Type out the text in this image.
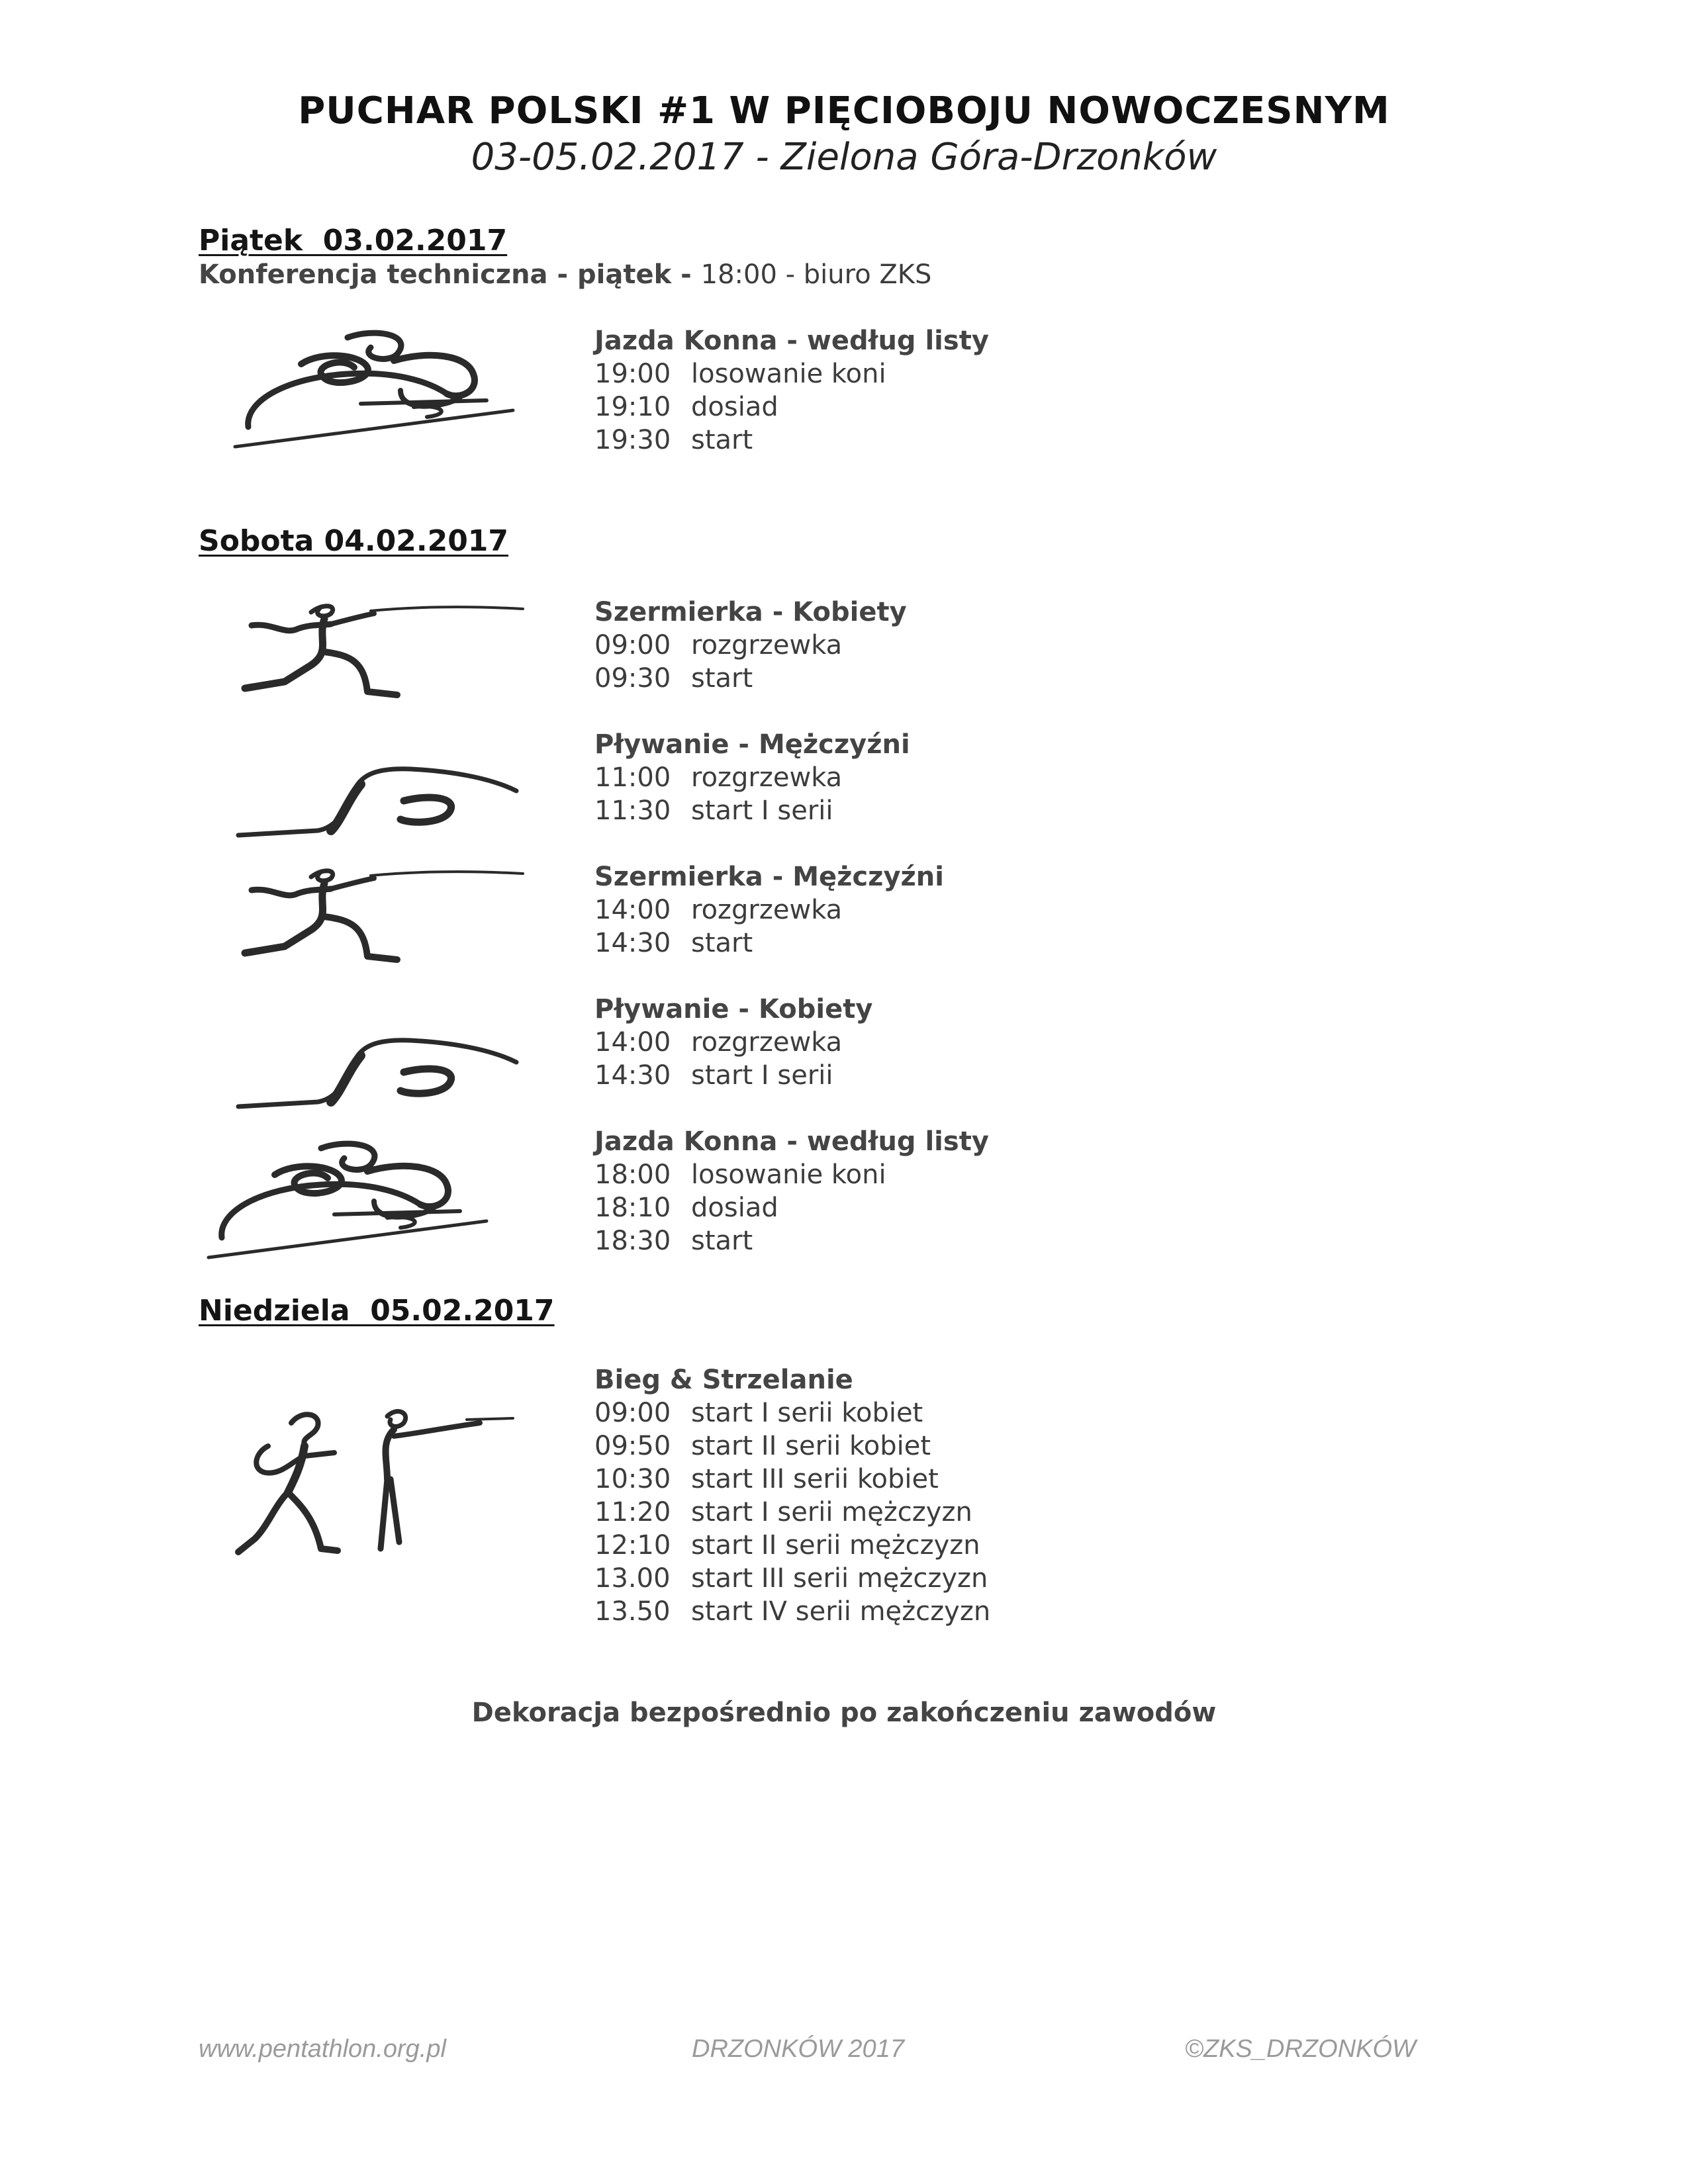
PUCHAR POLSKI #1 W PIĘCIOBOJU NOWOCZESNYM
03-05.02.2017 - Zielona Góra-Drzonków
Piątek  03.02.2017
Konferencja techniczna - piątek - 18:00 - biuro ZKS
Jazda Konna - według listy
19:00 losowanie koni
19:10 dosiad
19:30 start
Sobota 04.02.2017
Szermierka - Kobiety
09:00 rozgrzewka
09:30 start
Pływanie - Mężczyźni
11:00 rozgrzewka
11:30 start I serii
Szermierka - Mężczyźni
14:00 rozgrzewka
14:30 start
Pływanie - Kobiety
14:00 rozgrzewka
14:30 start I serii
Jazda Konna - według listy
18:00 losowanie koni
18:10 dosiad
18:30 start
Niedziela  05.02.2017
Bieg & Strzelanie
09:00 start I serii kobiet
09:50 start II serii kobiet
10:30 start III serii kobiet
11:20 start I serii mężczyzn
12:10 start II serii mężczyzn
13.00 start III serii mężczyzn
13.50 start IV serii mężczyzn
Dekoracja bezpośrednio po zakończeniu zawodów
www.pentathlon.org.pl	DRZONKÓW 2017	©ZKS_DRZONKÓW
